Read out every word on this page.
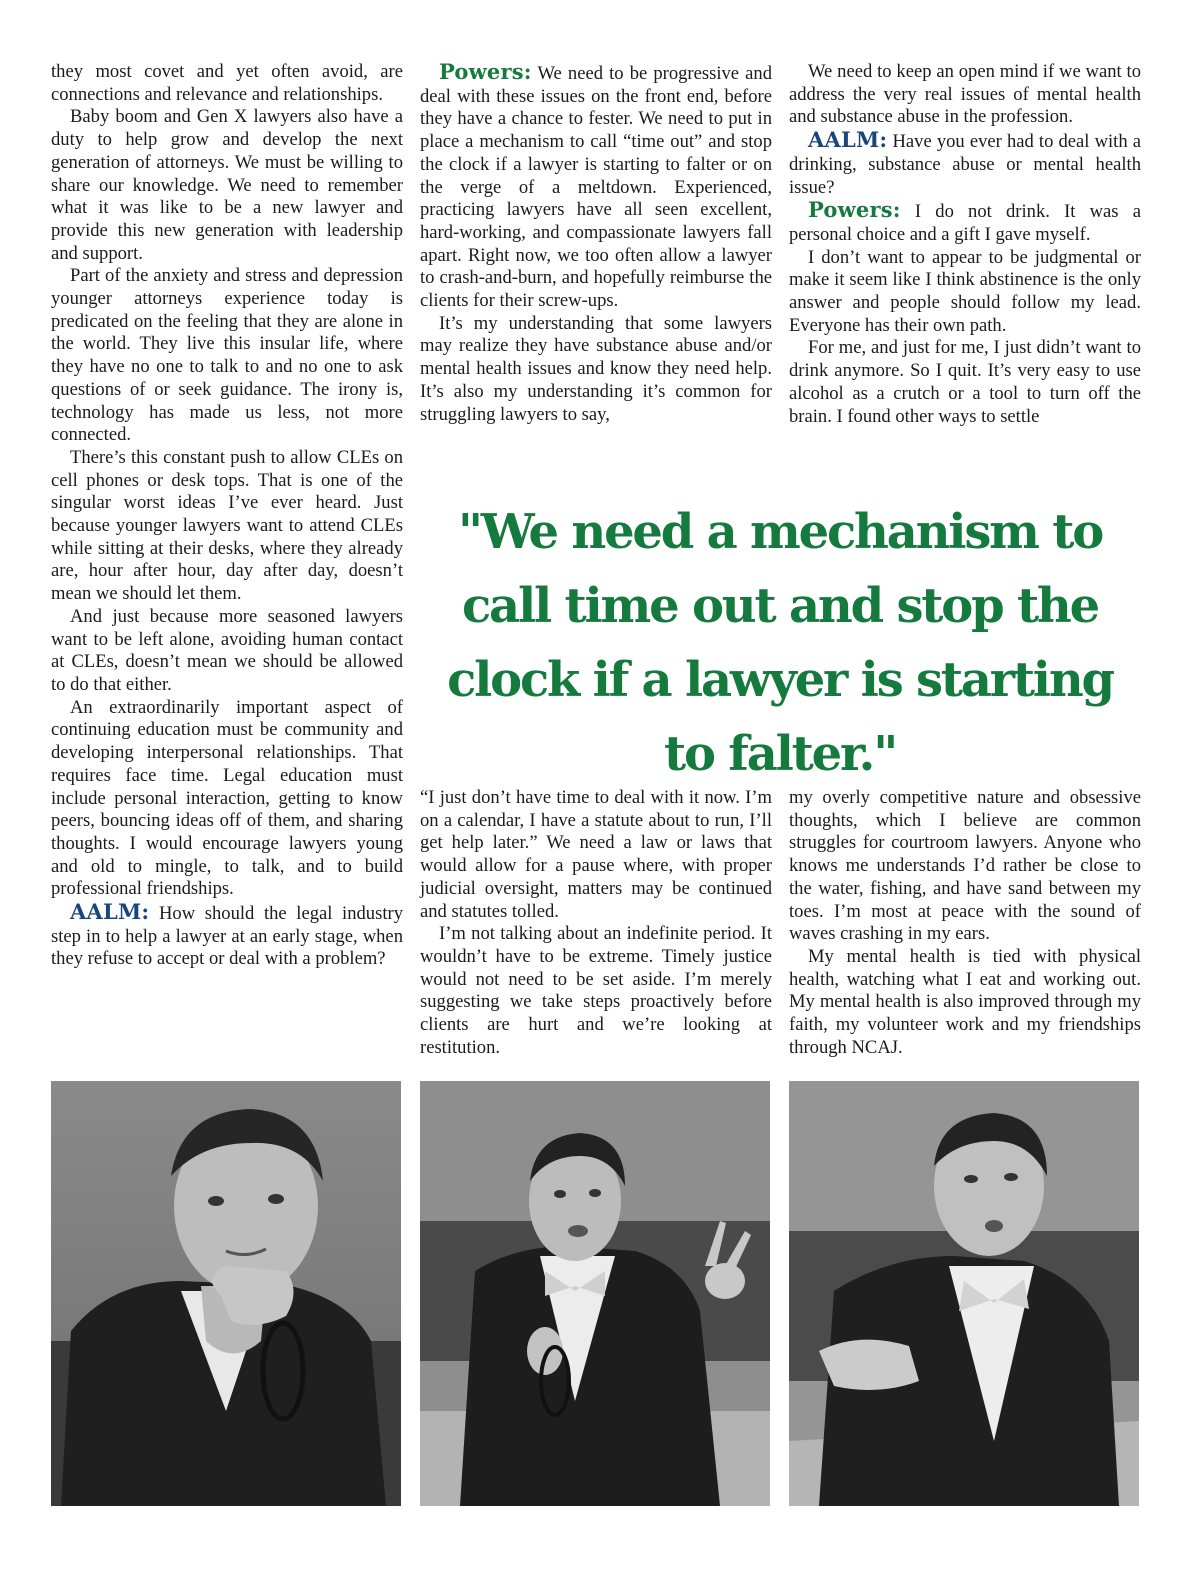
they most covet and yet often avoid, are connections and relevance and relationships.

Baby boom and Gen X lawyers also have a duty to help grow and develop the next generation of attorneys. We must be willing to share our knowledge. We need to remember what it was like to be a new lawyer and provide this new generation with leadership and support.

Part of the anxiety and stress and depression younger attorneys experience today is predicated on the feeling that they are alone in the world. They live this insular life, where they have no one to talk to and no one to ask questions of or seek guidance. The irony is, technology has made us less, not more connected.

There’s this constant push to allow CLEs on cell phones or desk tops. That is one of the singular worst ideas I’ve ever heard. Just because younger lawyers want to attend CLEs while sitting at their desks, where they already are, hour after hour, day after day, doesn’t mean we should let them.

And just because more seasoned lawyers want to be left alone, avoiding human contact at CLEs, doesn’t mean we should be allowed to do that either.

An extraordinarily important aspect of continuing education must be community and developing interpersonal relationships. That requires face time. Legal education must include personal interaction, getting to know peers, bouncing ideas off of them, and sharing thoughts. I would encourage lawyers young and old to mingle, to talk, and to build professional friendships.

AALM: How should the legal industry step in to help a lawyer at an early stage, when they refuse to accept or deal with a problem?

Powers: We need to be progressive and deal with these issues on the front end, before they have a chance to fester. We need to put in place a mechanism to call “time out” and stop the clock if a lawyer is starting to falter or on the verge of a meltdown. Experienced, practicing lawyers have all seen excellent, hard-working, and compassionate lawyers fall apart. Right now, we too often allow a lawyer to crash-and-burn, and hopefully reimburse the clients for their screw-ups.

It’s my understanding that some lawyers may realize they have substance abuse and/or mental health issues and know they need help. It’s also my understanding it’s common for struggling lawyers to say,

We need to keep an open mind if we want to address the very real issues of mental health and substance abuse in the profession.

AALM: Have you ever had to deal with a drinking, substance abuse or mental health issue?

Powers: I do not drink. It was a personal choice and a gift I gave myself.

I don’t want to appear to be judgmental or make it seem like I think abstinence is the only answer and people should follow my lead. Everyone has their own path.

For me, and just for me, I just didn’t want to drink anymore. So I quit. It’s very easy to use alcohol as a crutch or a tool to turn off the brain. I found other ways to settle

"We need a mechanism to call time out and stop the clock if a lawyer is starting to falter."

“I just don’t have time to deal with it now. I’m on a calendar, I have a statute about to run, I’ll get help later.” We need a law or laws that would allow for a pause where, with proper judicial oversight, matters may be continued and statutes tolled.

I’m not talking about an indefinite period. It wouldn’t have to be extreme. Timely justice would not need to be set aside. I’m merely suggesting we take steps proactively before clients are hurt and we’re looking at restitution.

my overly competitive nature and obsessive thoughts, which I believe are common struggles for courtroom lawyers. Anyone who knows me understands I’d rather be close to the water, fishing, and have sand between my toes. I’m most at peace with the sound of waves crashing in my ears.

My mental health is tied with physical health, watching what I eat and working out. My mental health is also improved through my faith, my volunteer work and my friendships through NCAJ.
